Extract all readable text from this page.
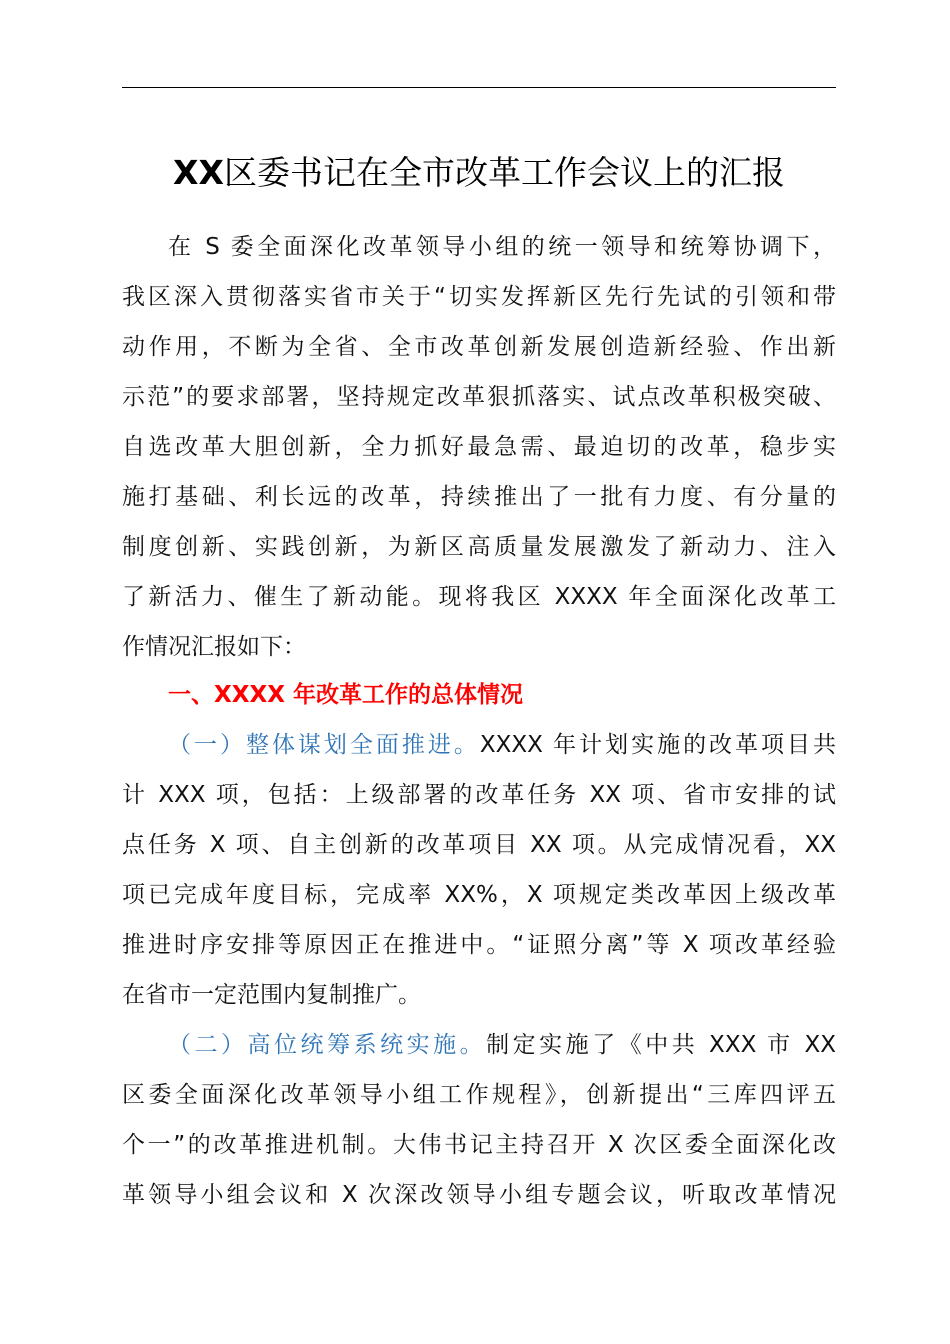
XX区委书记在全市改革工作会议上的汇报
在 S 委全面深化改革领导小组的统一领导和统筹协调下，
我区深入贯彻落实省市关于“切实发挥新区先行先试的引领和带
动作用，不断为全省、全市改革创新发展创造新经验、作出新
示范”的要求部署，坚持规定改革狠抓落实、试点改革积极突破、
自选改革大胆创新，全力抓好最急需、最迫切的改革，稳步实
施打基础、利长远的改革，持续推出了一批有力度、有分量的
制度创新、实践创新，为新区高质量发展激发了新动力、注入
了新活力、催生了新动能。现将我区 XXXX 年全面深化改革工
作情况汇报如下：
一、XXXX 年改革工作的总体情况
（一）整体谋划全面推进。XXXX 年计划实施的改革项目共
计 XXX 项，包括：上级部署的改革任务 XX 项、省市安排的试
点任务 X 项、自主创新的改革项目 XX 项。从完成情况看，XX
项已完成年度目标，完成率 XX%，X 项规定类改革因上级改革
推进时序安排等原因正在推进中。“证照分离”等 X 项改革经验
在省市一定范围内复制推广。
（二）高位统筹系统实施。制定实施了《中共 XXX 市 XX
区委全面深化改革领导小组工作规程》，创新提出“三库四评五
个一”的改革推进机制。大伟书记主持召开 X 次区委全面深化改
革领导小组会议和 X 次深改领导小组专题会议，听取改革情况
